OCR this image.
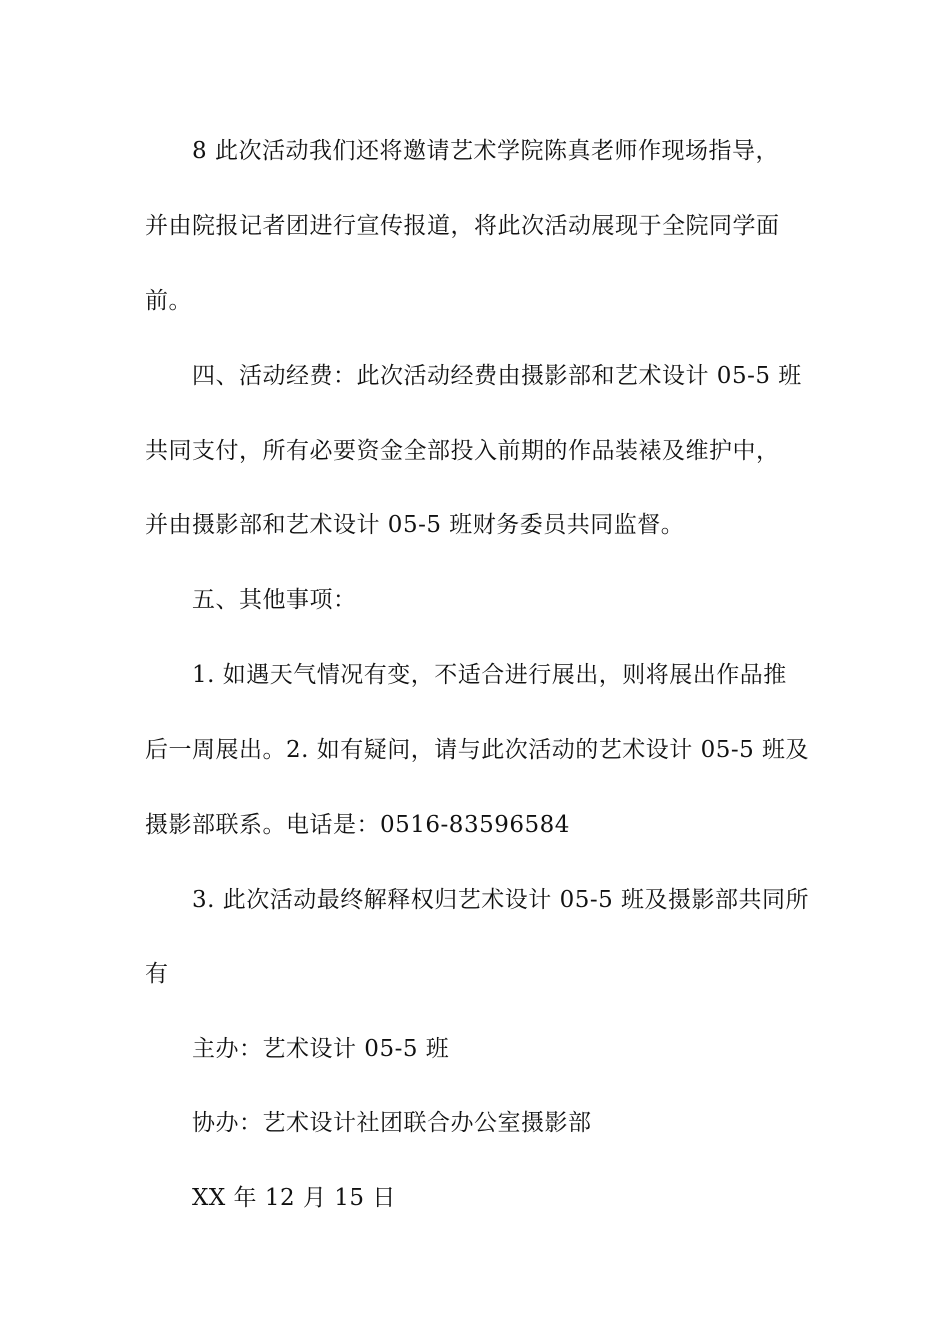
8 此次活动我们还将邀请艺术学院陈真老师作现场指导，
并由院报记者团进行宣传报道，将此次活动展现于全院同学面
前。
四、活动经费：此次活动经费由摄影部和艺术设计 05-5 班
共同支付，所有必要资金全部投入前期的作品装裱及维护中，
并由摄影部和艺术设计 05-5 班财务委员共同监督。
五、其他事项：
1. 如遇天气情况有变，不适合进行展出，则将展出作品推
后一周展出。2. 如有疑问，请与此次活动的艺术设计 05-5 班及
摄影部联系。电话是：0516-83596584
3. 此次活动最终解释权归艺术设计 05-5 班及摄影部共同所
有
主办：艺术设计 05-5 班
协办：艺术设计社团联合办公室摄影部
XX 年 12 月 15 日
